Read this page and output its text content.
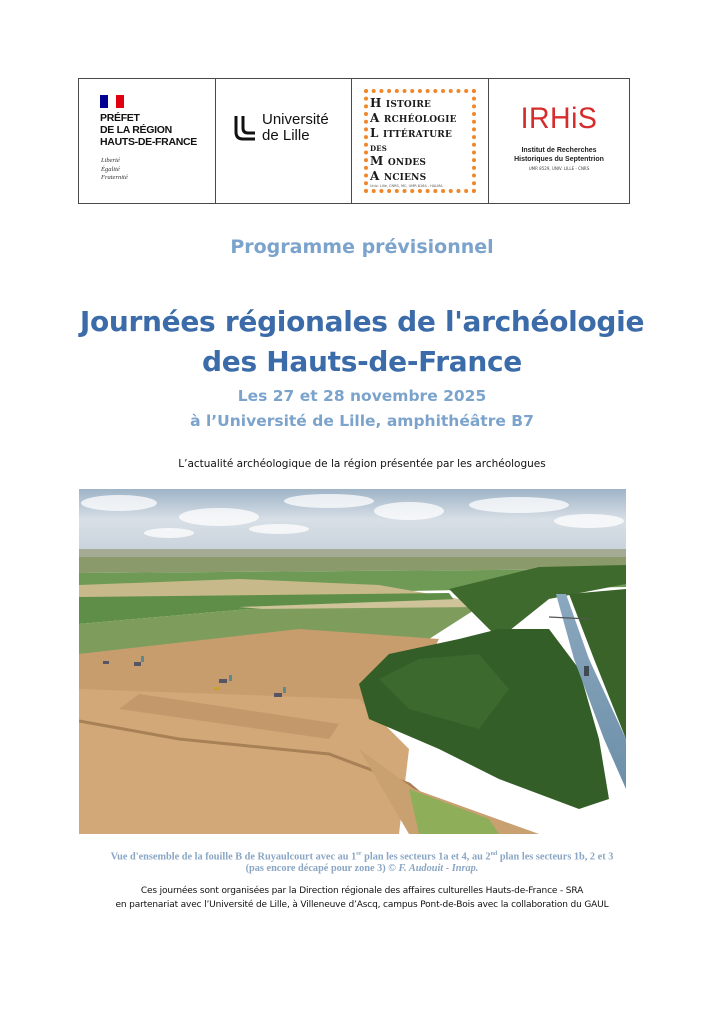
PRÉFET
DE LA RÉGION
HAUTS-DE-FRANCE
Liberté
Égalité
Fraternité
Université
de Lille
H ISTOIRE
A RCHÉOLOGIE
L ITTÉRATURE
DES
M ONDES
A NCIENS
Univ. Lille, CNRS, MC, UMR 8164 - HALMA
IRHiS
Institut de Recherches
Historiques du Septentrion
UMR 8529, UNIV. LILLE - CNRS
Programme prévisionnel
Journées régionales de l'archéologie
des Hauts-de-France
Les 27 et 28 novembre 2025
à l’Université de Lille, amphithéâtre B7
L’actualité archéologique de la région présentée par les archéologues
Vue d'ensemble de la fouille B de Ruyaulcourt avec au 1er plan les secteurs 1a et 4, au 2nd plan les secteurs 1b, 2 et 3
(pas encore décapé pour zone 3) © F. Audouit - Inrap.
Ces journées sont organisées par la Direction régionale des affaires culturelles Hauts-de-France - SRA
en partenariat avec l’Université de Lille, à Villeneuve d’Ascq, campus Pont-de-Bois avec la collaboration du GAUL
